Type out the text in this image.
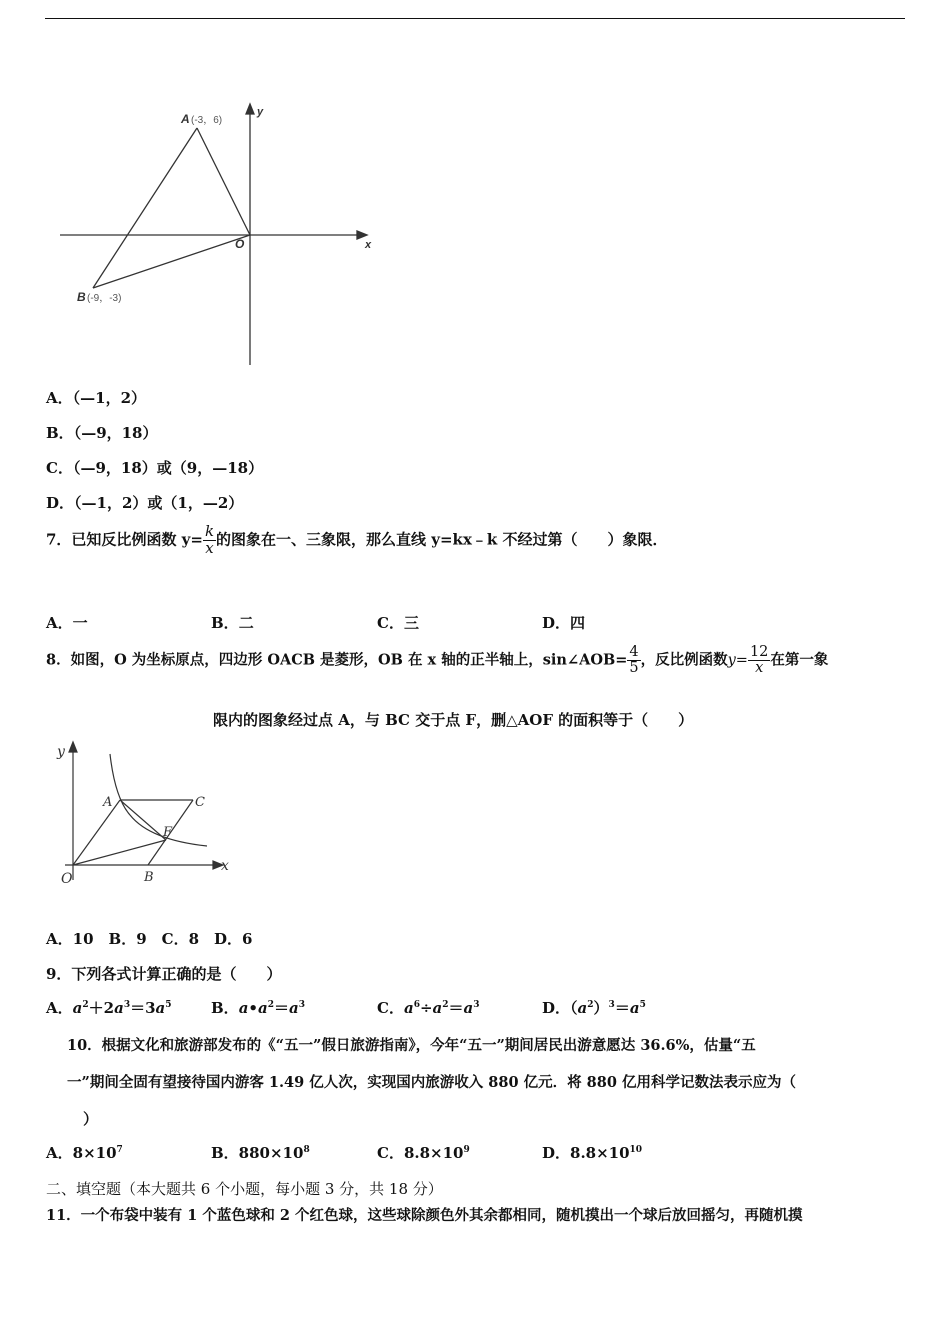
A (-3，6)
B (-9，-3)
O	x
y
A．（—1，2）
B．（—9，18）
C．（—9，18）或（9，—18）
D．（—1，2）或（1，—2）
7．已知反比例函数 $y= \frac{k}{x}$ 的图象在一、三象限，那么直线 y=kx﹣k 不经过第（　　）象限．
A．一	B．二	C．三	D．四
8．如图，O 为坐标原点，四边形 OACB 是菱形，OB 在 x 轴的正半轴上，sin∠AOB= $\frac{4}{5}$ ，反比例函数$y= \frac{12}{x}$ 在第一象
限内的图象经过点 A，与 BC 交于点 F，删△AOF 的面积等于（　　）
y
x
O
A
B
C
F
A．10　B．9　C．8　D．6
9．下列各式计算正确的是（　　）
A．$a^2+2a^3=3a^5$	B．$a•a^2=a^3$	C．$a^6\div a^2=a^3$	D．$(a^2)^3=a^5$
10．根据文化和旅游部发布的《“五一”假日旅游指南》，今年“五一”期间居民出游意愿达 36.6%，估量“五
一”期间全固有望接待国内游客 1.49 亿人次，实现国内旅游收入 880 亿元．将 880 亿用科学记数法表示应为（
）
A．$8\times 10^7$	B．$880\times 10^8$	C．$8.8\times 10^9$	D．$8.8\times 10^{10}$
二、填空题（本大题共 6 个小题，每小题 3 分，共 18 分）
11．一个布袋中装有 1 个蓝色球和 2 个红色球，这些球除颜色外其余都相同，随机摸出一个球后放回摇匀，再随机摸
